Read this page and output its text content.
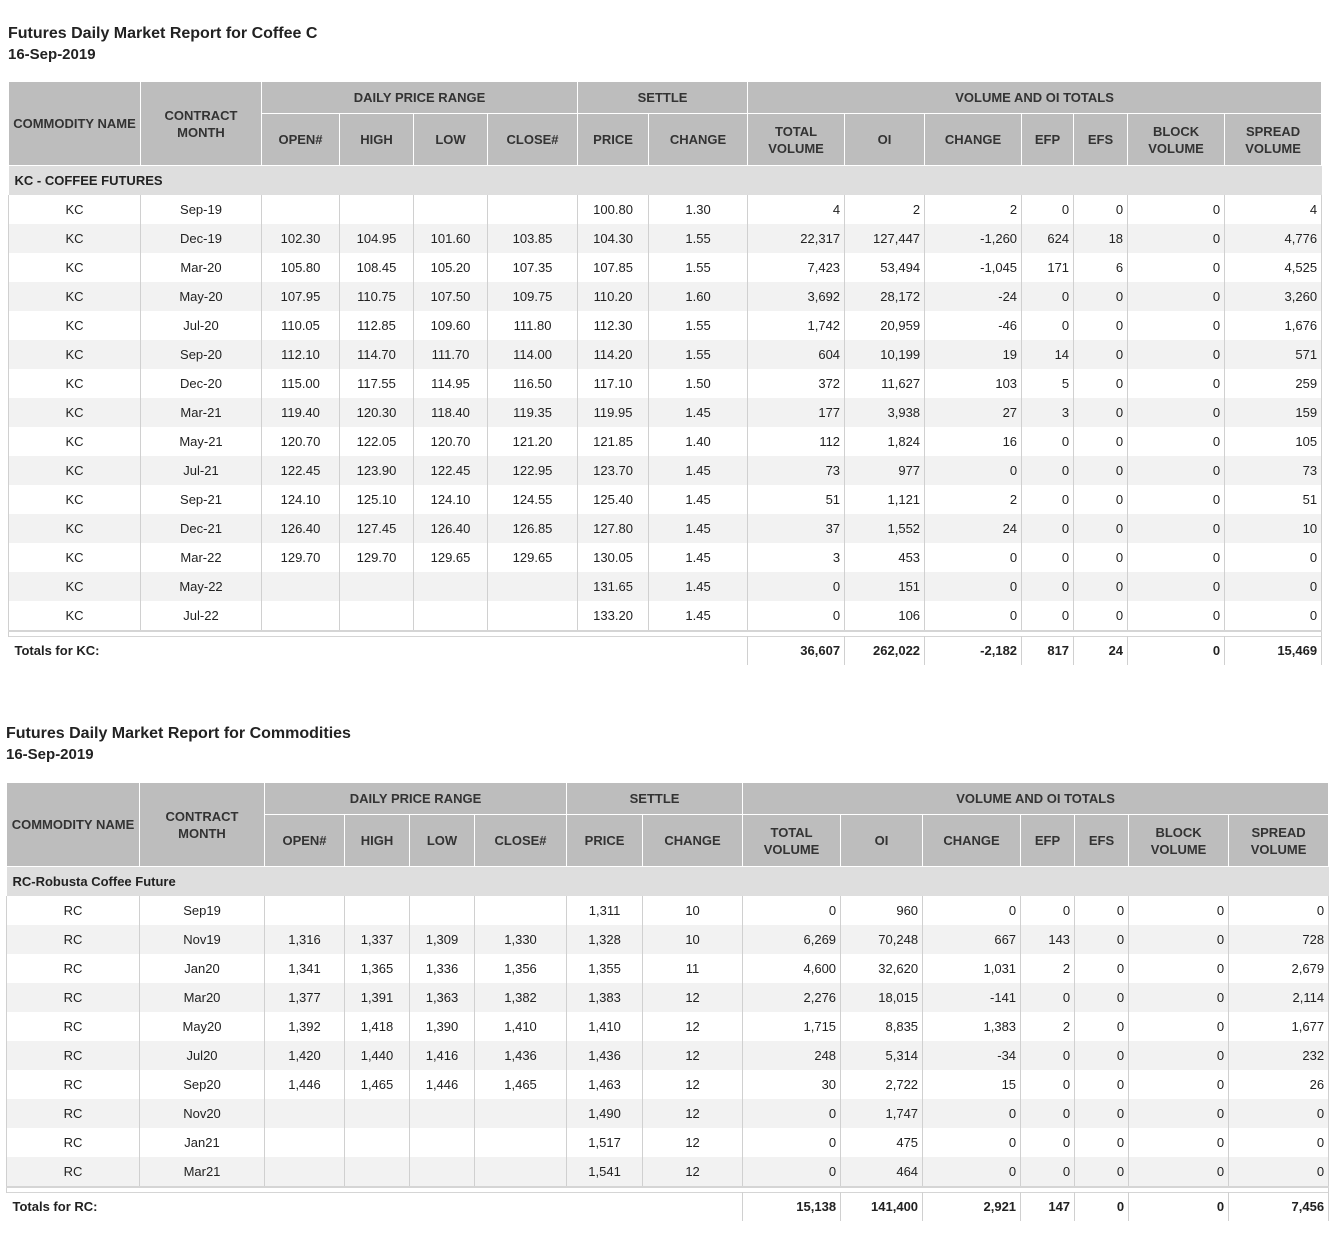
Futures Daily Market Report for Coffee C
16-Sep-2019
COMMODITY NAME	CONTRACT MONTH	DAILY PRICE RANGE				SETTLE		VOLUME AND OI TOTALS						
		OPEN#	HIGH	LOW	CLOSE#	PRICE	CHANGE	TOTAL VOLUME	OI	CHANGE	EFP	EFS	BLOCK VOLUME	SPREAD VOLUME
KC - COFFEE FUTURES														
KC	Sep-19					100.80	1.30	4	2	2	0	0	0	4
KC	Dec-19	102.30	104.95	101.60	103.85	104.30	1.55	22,317	127,447	-1,260	624	18	0	4,776
KC	Mar-20	105.80	108.45	105.20	107.35	107.85	1.55	7,423	53,494	-1,045	171	6	0	4,525
KC	May-20	107.95	110.75	107.50	109.75	110.20	1.60	3,692	28,172	-24	0	0	0	3,260
KC	Jul-20	110.05	112.85	109.60	111.80	112.30	1.55	1,742	20,959	-46	0	0	0	1,676
KC	Sep-20	112.10	114.70	111.70	114.00	114.20	1.55	604	10,199	19	14	0	0	571
KC	Dec-20	115.00	117.55	114.95	116.50	117.10	1.50	372	11,627	103	5	0	0	259
KC	Mar-21	119.40	120.30	118.40	119.35	119.95	1.45	177	3,938	27	3	0	0	159
KC	May-21	120.70	122.05	120.70	121.20	121.85	1.40	112	1,824	16	0	0	0	105
KC	Jul-21	122.45	123.90	122.45	122.95	123.70	1.45	73	977	0	0	0	0	73
KC	Sep-21	124.10	125.10	124.10	124.55	125.40	1.45	51	1,121	2	0	0	0	51
KC	Dec-21	126.40	127.45	126.40	126.85	127.80	1.45	37	1,552	24	0	0	0	10
KC	Mar-22	129.70	129.70	129.65	129.65	130.05	1.45	3	453	0	0	0	0	0
KC	May-22					131.65	1.45	0	151	0	0	0	0	0
KC	Jul-22					133.20	1.45	0	106	0	0	0	0	0

Totals for KC:								36,607	262,022	-2,182	817	24	0	15,469
Futures Daily Market Report for Commodities
16-Sep-2019
COMMODITY NAME	CONTRACT MONTH	DAILY PRICE RANGE				SETTLE		VOLUME AND OI TOTALS						
		OPEN#	HIGH	LOW	CLOSE#	PRICE	CHANGE	TOTAL VOLUME	OI	CHANGE	EFP	EFS	BLOCK VOLUME	SPREAD VOLUME
RC-Robusta Coffee Future														
RC	Sep19					1,311	10	0	960	0	0	0	0	0
RC	Nov19	1,316	1,337	1,309	1,330	1,328	10	6,269	70,248	667	143	0	0	728
RC	Jan20	1,341	1,365	1,336	1,356	1,355	11	4,600	32,620	1,031	2	0	0	2,679
RC	Mar20	1,377	1,391	1,363	1,382	1,383	12	2,276	18,015	-141	0	0	0	2,114
RC	May20	1,392	1,418	1,390	1,410	1,410	12	1,715	8,835	1,383	2	0	0	1,677
RC	Jul20	1,420	1,440	1,416	1,436	1,436	12	248	5,314	-34	0	0	0	232
RC	Sep20	1,446	1,465	1,446	1,465	1,463	12	30	2,722	15	0	0	0	26
RC	Nov20					1,490	12	0	1,747	0	0	0	0	0
RC	Jan21					1,517	12	0	475	0	0	0	0	0
RC	Mar21					1,541	12	0	464	0	0	0	0	0

Totals for RC:								15,138	141,400	2,921	147	0	0	7,456
